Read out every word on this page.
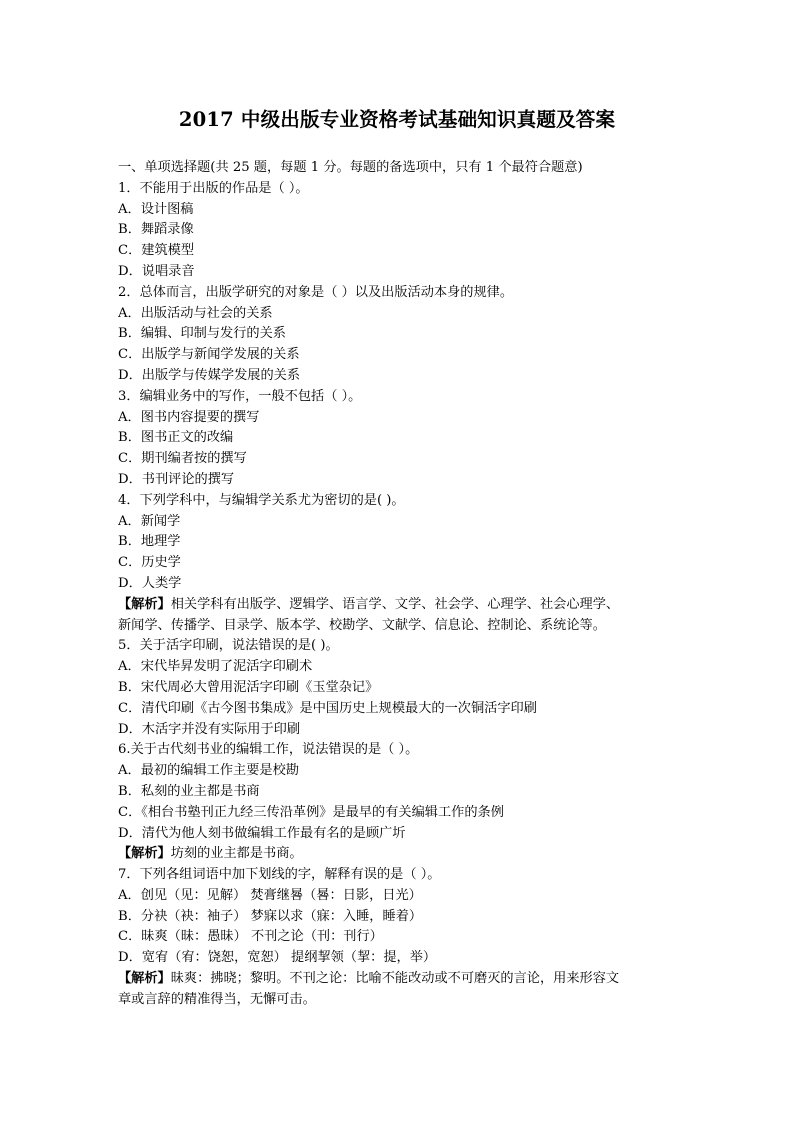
2017 中级出版专业资格考试基础知识真题及答案
一、单项选择题(共 25 题，每题 1 分。每题的备选项中，只有 1 个最符合题意)
1．不能用于出版的作品是（ ）。
A．设计图稿
B．舞蹈录像
C．建筑模型
D．说唱录音
2．总体而言，出版学研究的对象是（ ）以及出版活动本身的规律。
A．出版活动与社会的关系
B．编辑、印制与发行的关系
C．出版学与新闻学发展的关系
D．出版学与传媒学发展的关系
3．编辑业务中的写作，一般不包括（ ）。
A．图书内容提要的撰写
B．图书正文的改编
C．期刊编者按的撰写
D．书刊评论的撰写
4．下列学科中，与编辑学关系尤为密切的是( )。
A．新闻学
B．地理学
C．历史学
D．人类学
【解析】相关学科有出版学、逻辑学、语言学、文学、社会学、心理学、社会心理学、
新闻学、传播学、目录学、版本学、校勘学、文献学、信息论、控制论、系统论等。
5．关于活字印刷，说法错误的是( )。
A．宋代毕昇发明了泥活字印刷术
B．宋代周必大曾用泥活字印刷《玉堂杂记》
C．清代印刷《古今图书集成》是中国历史上规模最大的一次铜活字印刷
D．木活字并没有实际用于印刷
6.关于古代刻书业的编辑工作，说法错误的是（ ）。
A．最初的编辑工作主要是校勘
B．私刻的业主都是书商
C．《相台书塾刊正九经三传沿革例》是最早的有关编辑工作的条例
D．清代为他人刻书做编辑工作最有名的是顾广圻
【解析】坊刻的业主都是书商。
7．下列各组词语中加下划线的字，解释有误的是（ ）。
A．创见（见：见解） 焚膏继晷（晷：日影，日光）
B．分袂（袂：袖子） 梦寐以求（寐：入睡，睡着）
C．昧爽（昧：愚昧） 不刊之论（刊：刊行）
D．宽宥（宥：饶恕，宽恕） 提纲挈领（挈：提，举）
【解析】昧爽：拂晓；黎明。不刊之论：比喻不能改动或不可磨灭的言论，用来形容文
章或言辞的精准得当，无懈可击。
